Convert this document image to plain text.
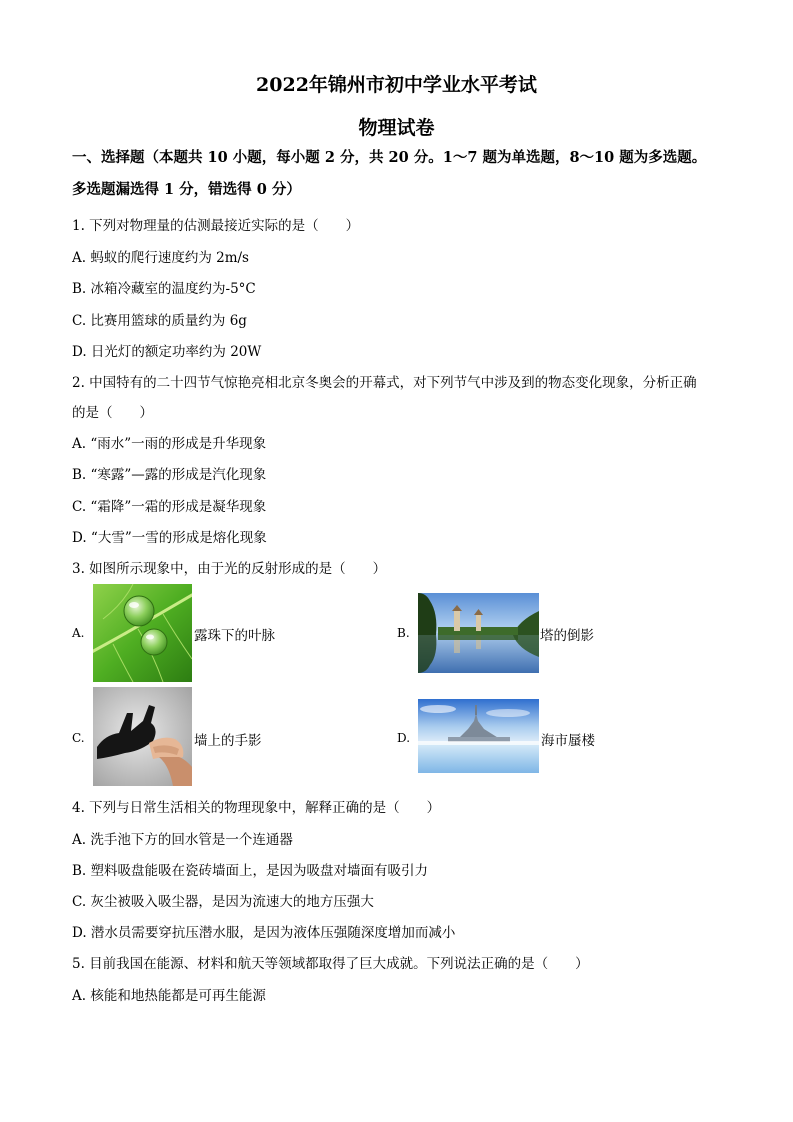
2022年锦州市初中学业水平考试
物理试卷
一、选择题（本题共 10 小题，每小题 2 分，共 20 分。1～7 题为单选题，8～10 题为多选题。
多选题漏选得 1 分，错选得 0 分）
1. 下列对物理量的估测最接近实际的是（　　）
A. 蚂蚁的爬行速度约为 2m/s
B. 冰箱冷藏室的温度约为-5°C
C. 比赛用篮球的质量约为 6g
D. 日光灯的额定功率约为 20W
2. 中国特有的二十四节气惊艳亮相北京冬奥会的开幕式，对下列节气中涉及到的物态变化现象，分析正确
的是（　　）
A. “雨水”一雨的形成是升华现象
B. “寒露”—露的形成是汽化现象
C. “霜降”一霜的形成是凝华现象
D. “大雪”一雪的形成是熔化现象
3. 如图所示现象中，由于光的反射形成的是（　　）
A.	露珠下的叶脉	B.	塔的倒影
C.	墙上的手影	D.	海市蜃楼
4. 下列与日常生活相关的物理现象中，解释正确的是（　　）
A. 洗手池下方的回水管是一个连通器
B. 塑料吸盘能吸在瓷砖墙面上，是因为吸盘对墙面有吸引力
C. 灰尘被吸入吸尘器，是因为流速大的地方压强大
D. 潜水员需要穿抗压潜水服，是因为液体压强随深度增加而减小
5. 目前我国在能源、材料和航天等领域都取得了巨大成就。下列说法正确的是（　　）
A. 核能和地热能都是可再生能源
